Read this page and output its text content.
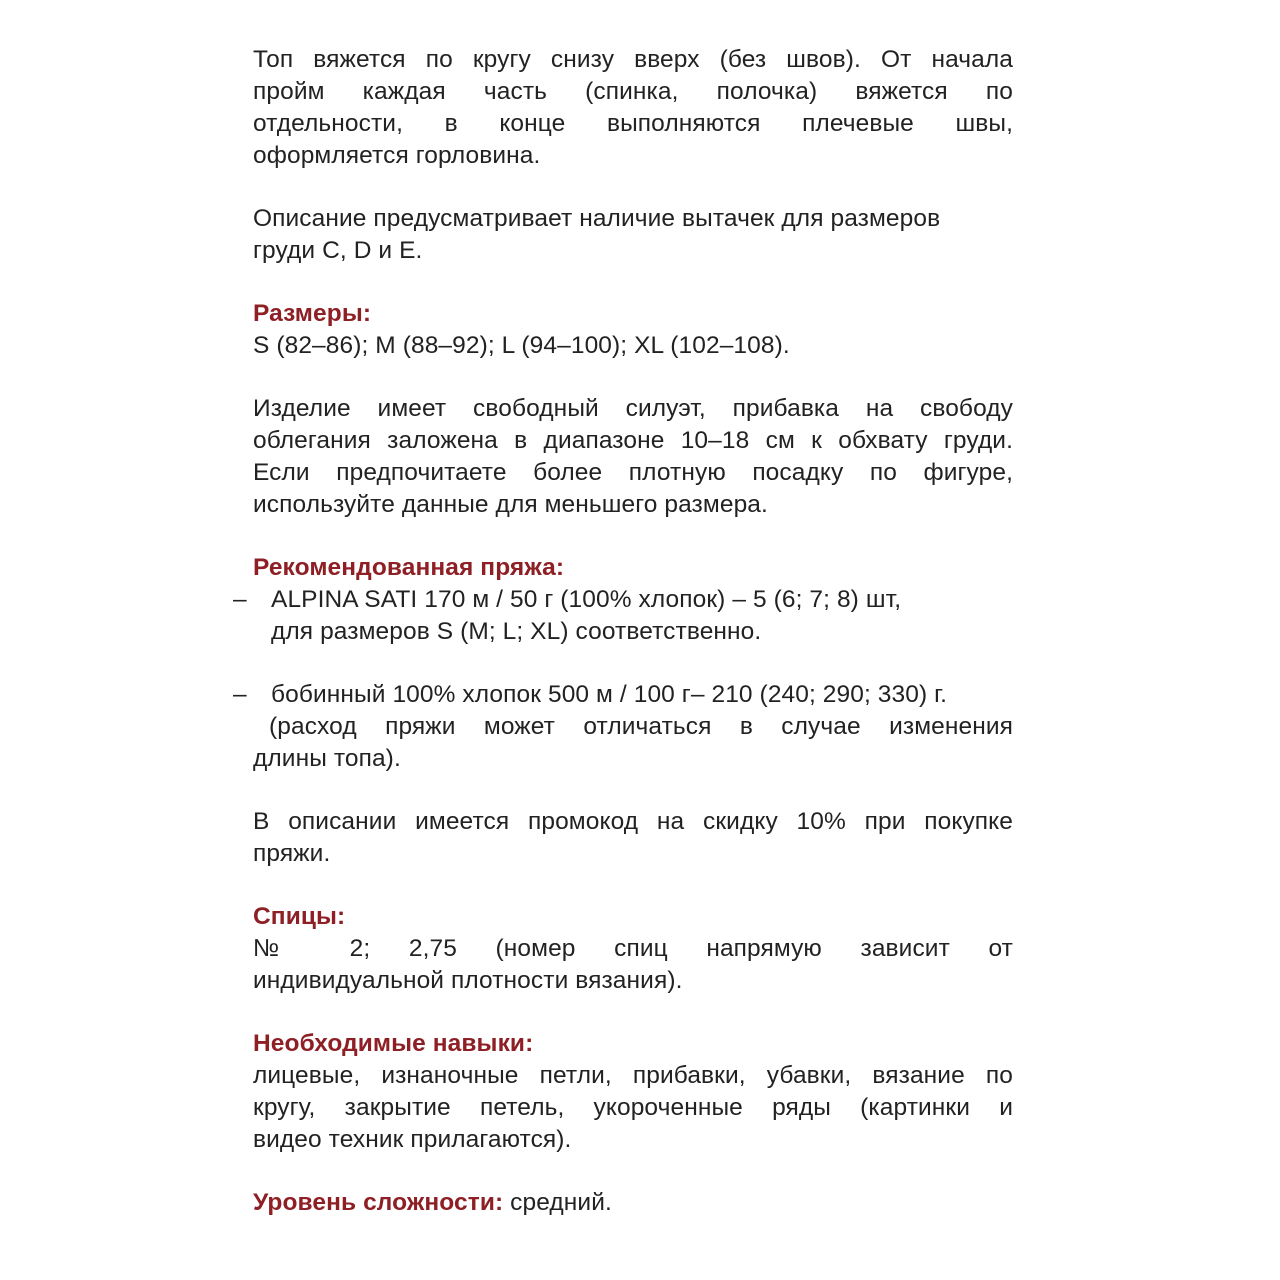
Топ вяжется по кругу снизу вверх (без швов). От начала
пройм каждая часть (спинка, полочка) вяжется по
отдельности, в конце выполняются плечевые швы,
оформляется горловина.
Описание предусматривает наличие вытачек для размеров
груди C, D и E.
Размеры:
S (82–86); M (88–92); L (94–100); XL (102–108).
Изделие имеет свободный силуэт, прибавка на свободу
облегания заложена в диапазоне 10–18 см к обхвату груди.
Если предпочитаете более плотную посадку по фигуре,
используйте данные для меньшего размера.
Рекомендованная пряжа:
– ALPINA SATI 170 м / 50 г (100% хлопок) – 5 (6; 7; 8) шт,
для размеров S (M; L; XL) соответственно.
– бобинный 100% хлопок 500 м / 100 г– 210 (240; 290; 330) г.
(расход пряжи может отличаться в случае изменения
длины топа).
В описании имеется промокод на скидку 10% при покупке
пряжи.
Спицы:
№ 2; 2,75 (номер спиц напрямую зависит от
индивидуальной плотности вязания).
Необходимые навыки:
лицевые, изнаночные петли, прибавки, убавки, вязание по
кругу, закрытие петель, укороченные ряды (картинки и
видео техник прилагаются).
Уровень сложности: средний.
